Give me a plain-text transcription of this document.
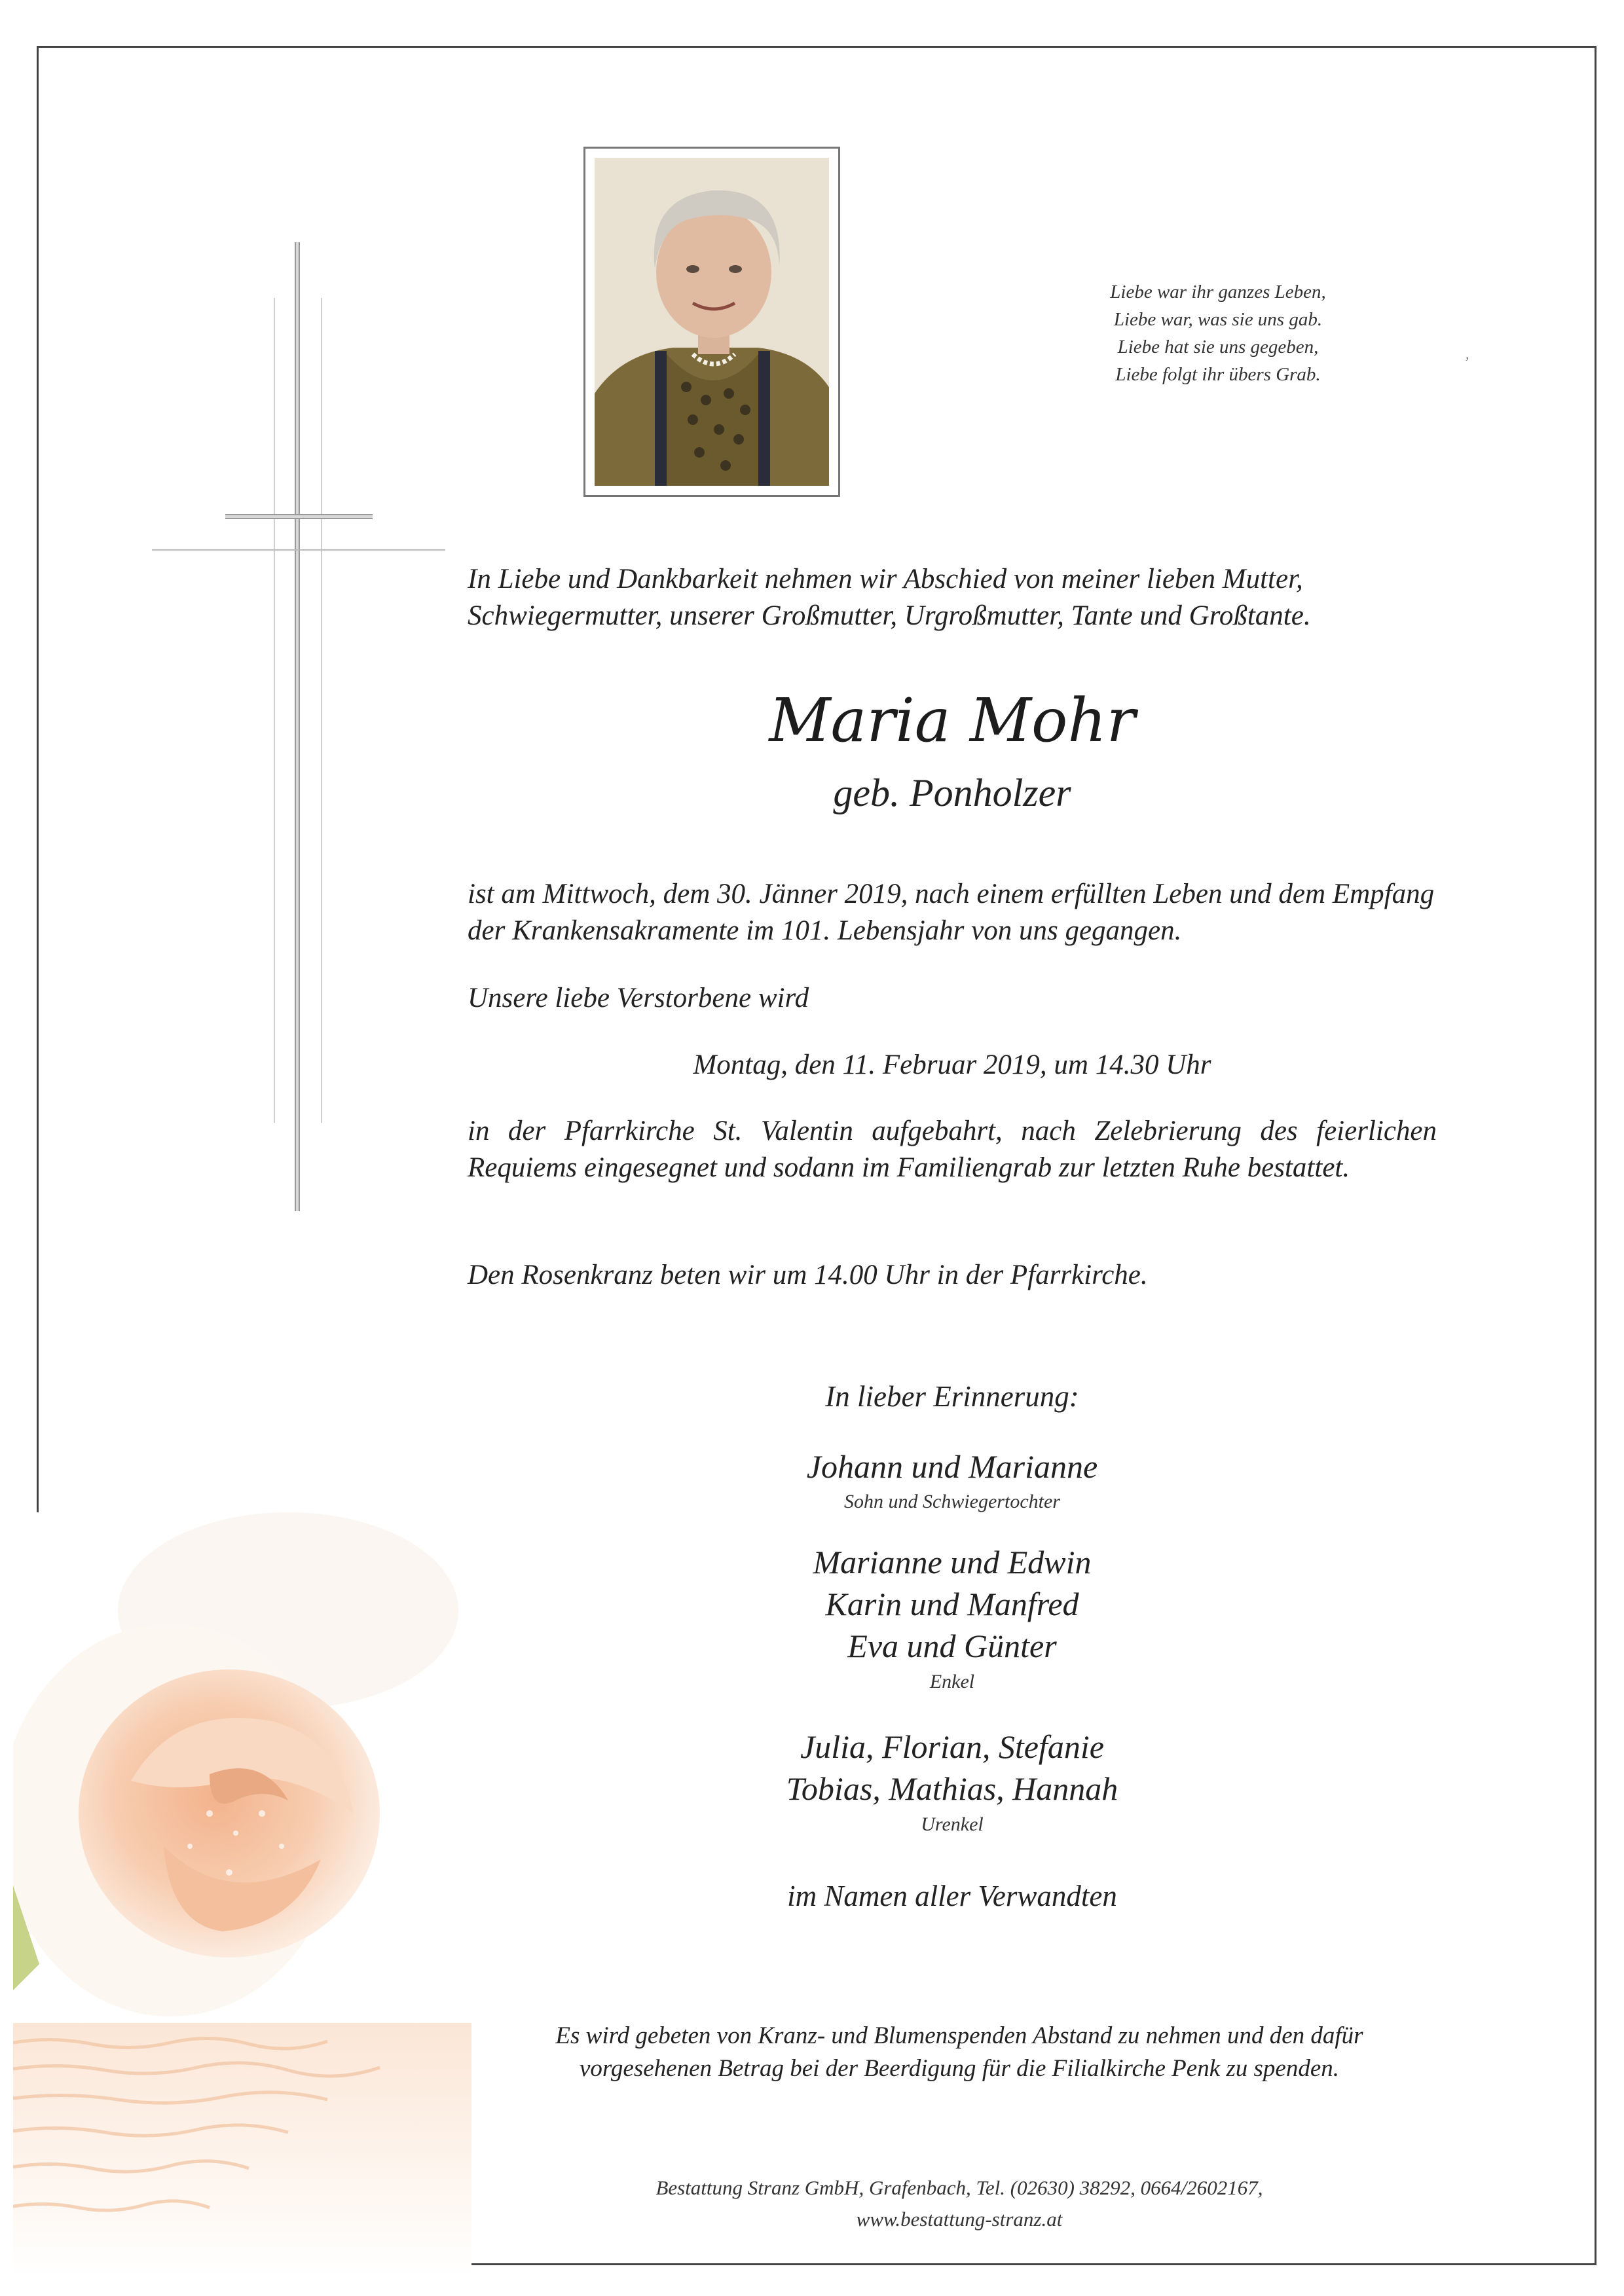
Liebe war ihr ganzes Leben,
Liebe war, was sie uns gab.
Liebe hat sie uns gegeben,
Liebe folgt ihr übers Grab.
,
In Liebe und Dankbarkeit nehmen wir Abschied von meiner lieben Mutter, Schwiegermutter, unserer Großmutter, Urgroßmutter, Tante und Großtante.
Maria Mohr
geb. Ponholzer
ist am Mittwoch, dem 30. Jänner 2019, nach einem erfüllten Leben und dem Empfang der Krankensakramente im 101. Lebensjahr von uns gegangen.
Unsere liebe Verstorbene wird
Montag, den 11. Februar 2019, um 14.30 Uhr
in der Pfarrkirche St. Valentin aufgebahrt, nach Zelebrierung des feierlichen Requiems eingesegnet und sodann im Familiengrab zur letzten Ruhe bestattet.
Den Rosenkranz beten wir um 14.00 Uhr in der Pfarrkirche.
In lieber Erinnerung:
Johann und Marianne
Sohn und Schwiegertochter
Marianne und Edwin
Karin und Manfred
Eva und Günter
Enkel
Julia, Florian, Stefanie
Tobias, Mathias, Hannah
Urenkel
im Namen aller Verwandten
Es wird gebeten von Kranz- und Blumenspenden Abstand zu nehmen und den dafür
vorgesehenen Betrag bei der Beerdigung für die Filialkirche Penk zu spenden.
Bestattung Stranz GmbH, Grafenbach, Tel. (02630) 38292, 0664/2602167,
www.bestattung-stranz.at
